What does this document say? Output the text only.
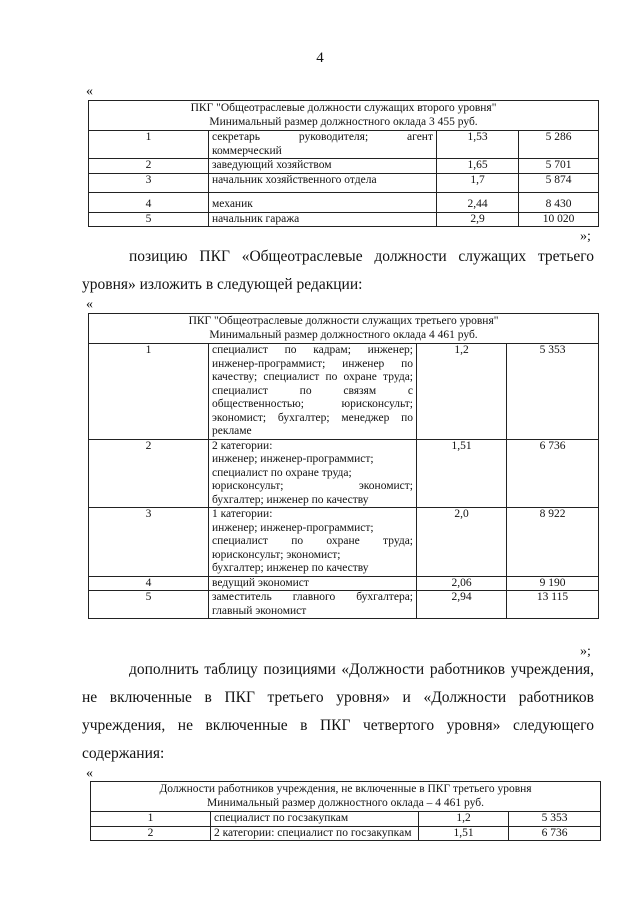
4
«
ПКГ "Общеотраслевые должности служащих второго уровня"
Минимальный размер должностного оклада 3 455 руб.			

1	секретарь руководителя; агент коммерческий	1,53	5 286
2	заведующий хозяйством	1,65	5 701
3	начальник хозяйственного отдела	1,7	5 874
4	механик	2,44	8 430
5	начальник гаража	2,9	10 020
»;
позицию ПКГ «Общеотраслевые должности служащих третьего уровня» изложить в следующей редакции:
«
ПКГ "Общеотраслевые должности служащих третьего уровня"
Минимальный размер должностного оклада 4 461 руб.			

1	специалист по кадрам; инженер; инженер-программист; инженер по качеству; специалист по охране труда; специалист по связям с общественностью; юрисконсульт; экономист; бухгалтер; менеджер по рекламе	1,2	5 353
2	2 категории:
инженер; инженер-программист;
специалист по охране труда;
юрисконсульт; экономист;
бухгалтер; инженер по качеству	1,51	6 736
3	1 категории:
инженер; инженер-программист;
специалист по охране труда;
юрисконсульт; экономист;
бухгалтер; инженер по качеству	2,0	8 922
4	ведущий экономист	2,06	9 190
5	заместитель главного бухгалтера; главный экономист	2,94	13 115
»;
дополнить таблицу позициями «Должности работников учреждения, не включенные в ПКГ третьего уровня» и «Должности работников учреждения, не включенные в ПКГ четвертого уровня» следующего содержания:
«
Должности работников учреждения, не включенные в ПКГ третьего уровня
Минимальный размер должностного оклада – 4 461 руб.			

1	специалист по госзакупкам	1,2	5 353
2	2 категории: специалист по госзакупкам	1,51	6 736
